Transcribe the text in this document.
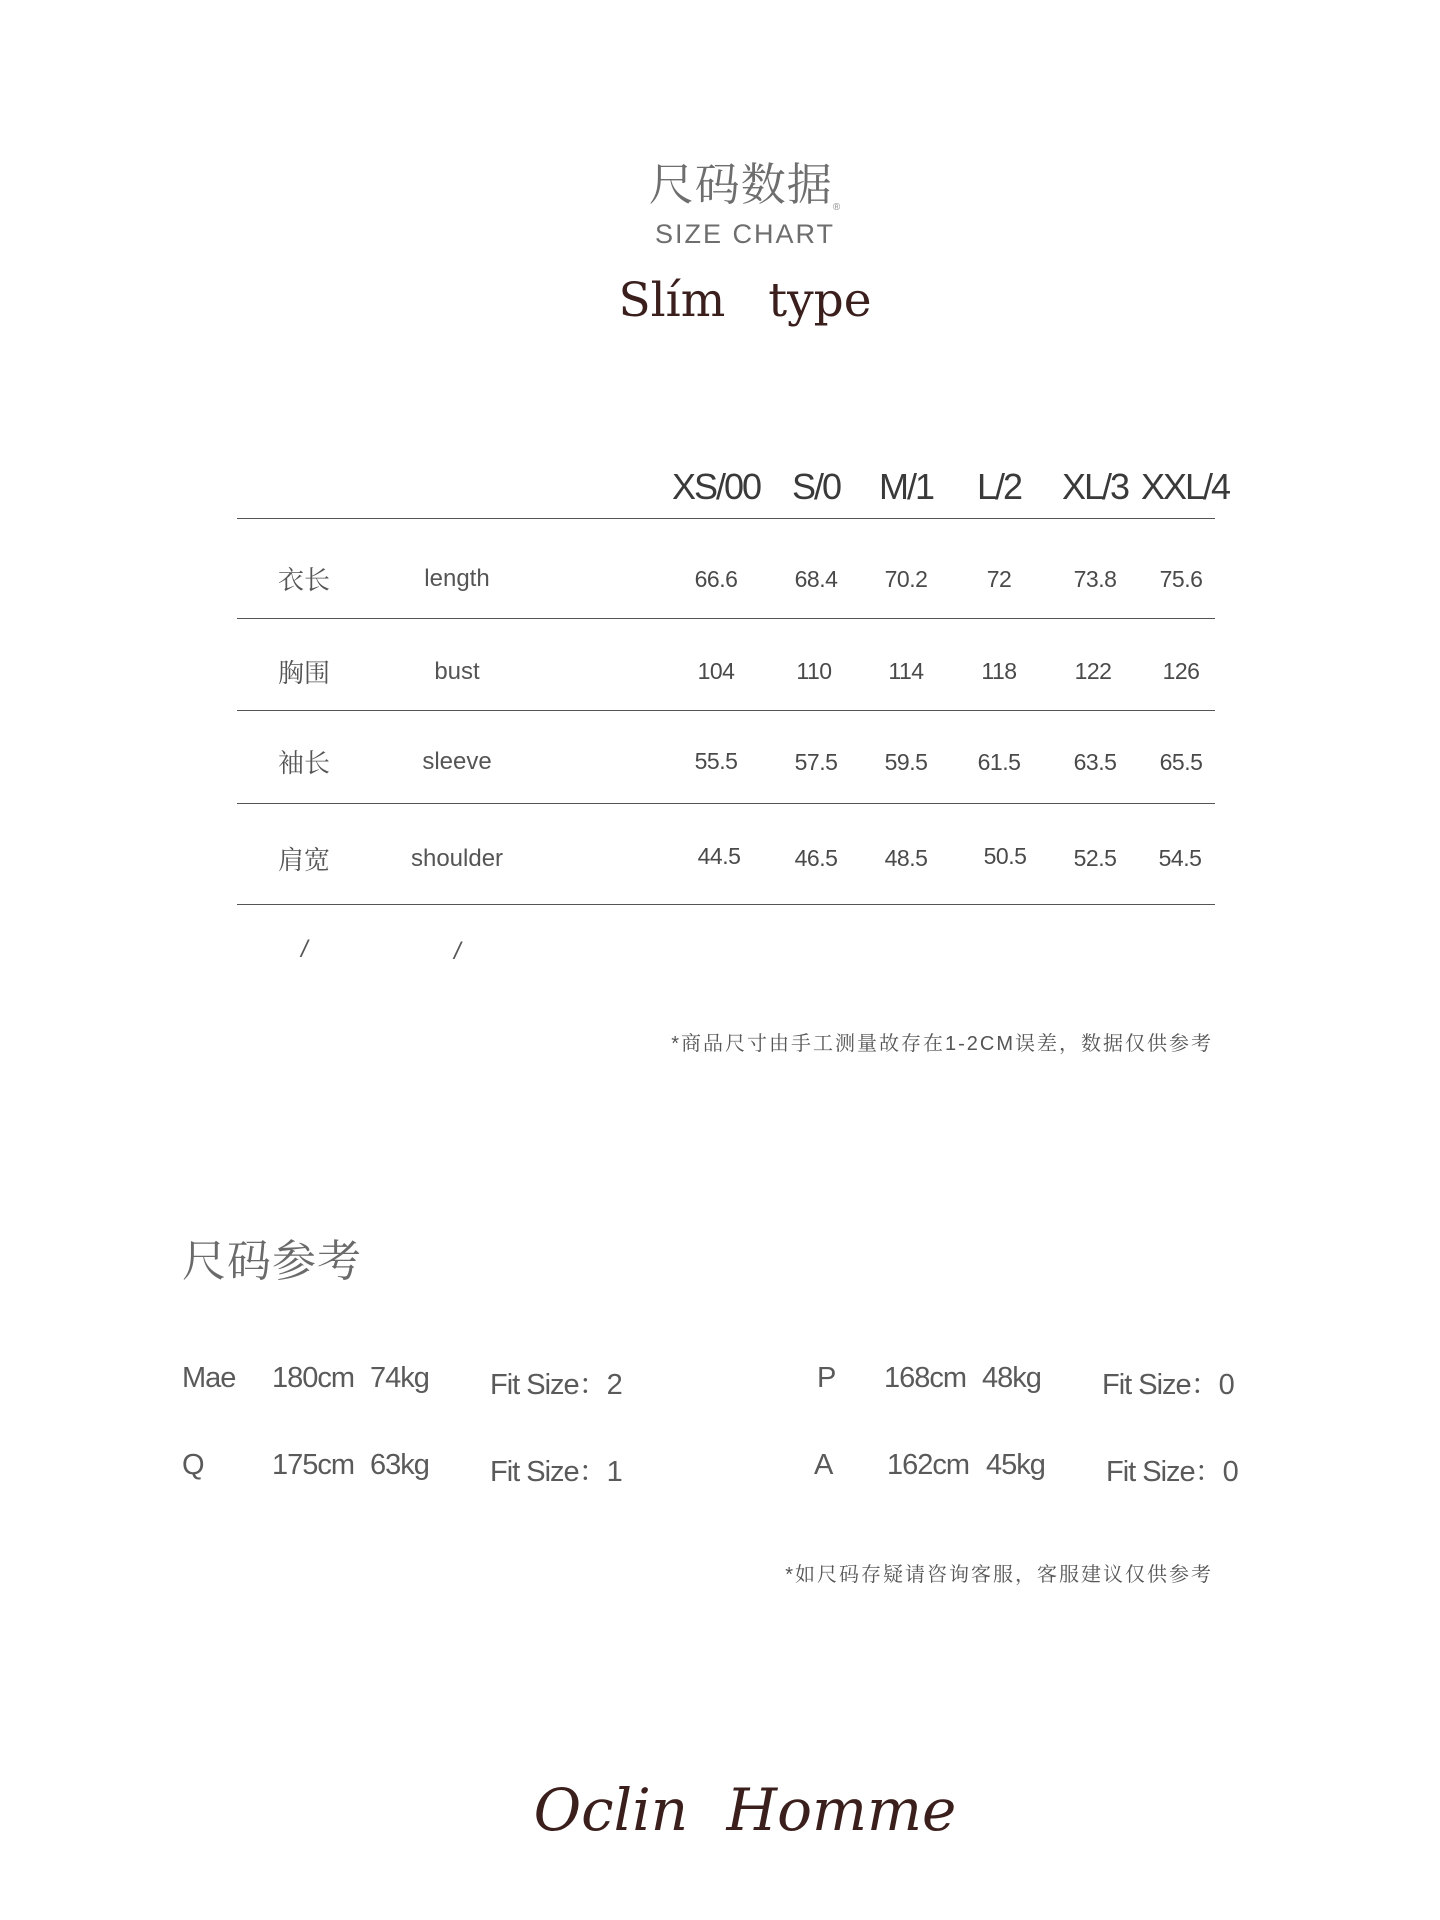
尺码数据®
SIZE CHART
Slím type
XS/00 S/0 M/1 L/2 XL/3 XXL/4
衣长	length	66.6 68.4 70.2	72	73.8 75.6
胸围	bust	104	110 114	118	122 126
袖长	sleeve	55.5 57.5 59.5 61.5 63.5 65.5
肩宽	shoulder	44.5 46.5 48.5 50.5 52.5 54.5
/	/
*商品尺寸由手工测量故存在1-2CM误差，数据仅供参考
尺码参考
Mae 180cm 74kg Fit Size：2	P 168cm 48kg Fit Size：0
Q 175cm 63kg Fit Size：1	A 162cm 45kg Fit Size：0
*如尺码存疑请咨询客服，客服建议仅供参考
Oclin Homme
